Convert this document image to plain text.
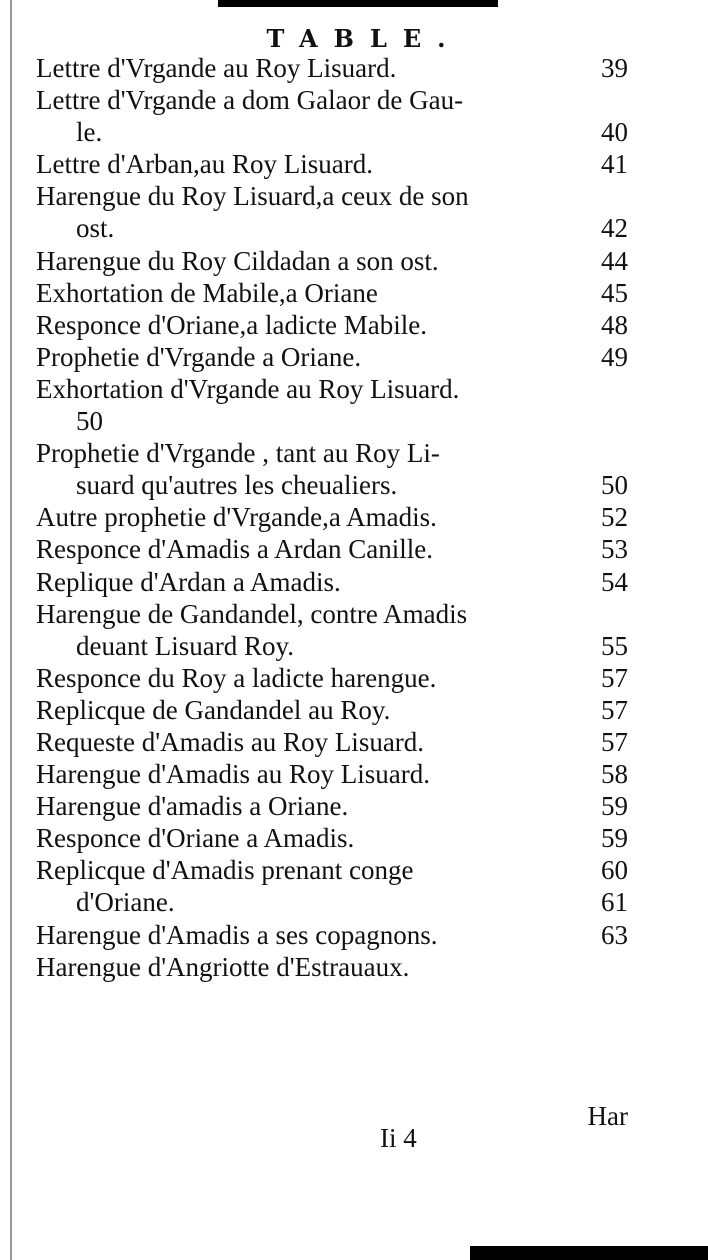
TABLE.
Lettre d'Vrgande au Roy Lisuard.	39
Lettre d'Vrgande a dom Galaor de Gau-
le.	40
Lettre d'Arban,au Roy Lisuard.	41
Harengue du Roy Lisuard,a ceux de son
ost.	42
Harengue du Roy Cildadan a son ost.	44
Exhortation de Mabile,a Oriane	45
Responce d'Oriane,a ladicte Mabile.	48
Prophetie d'Vrgande a Oriane.	49
Exhortation d'Vrgande au Roy Lisuard.
50
Prophetie d'Vrgande , tant au Roy Li-
suard qu'autres les cheualiers.	50
Autre prophetie d'Vrgande,a Amadis.	52
Responce d'Amadis a Ardan Canille.	53
Replique d'Ardan a Amadis.	54
Harengue de Gandandel, contre Amadis
deuant Lisuard Roy.	55
Responce du Roy a ladicte harengue.	57
Replicque de Gandandel au Roy.	57
Requeste d'Amadis au Roy Lisuard.	57
Harengue d'Amadis au Roy Lisuard.	58
Harengue d'amadis a Oriane.	59
Responce d'Oriane a Amadis.	59
Replicque d'Amadis prenant conge	60
d'Oriane.	61
Harengue d'Amadis a ses copagnons.	63
Harengue d'Angriotte d'Estrauaux.
Har
Ii 4
